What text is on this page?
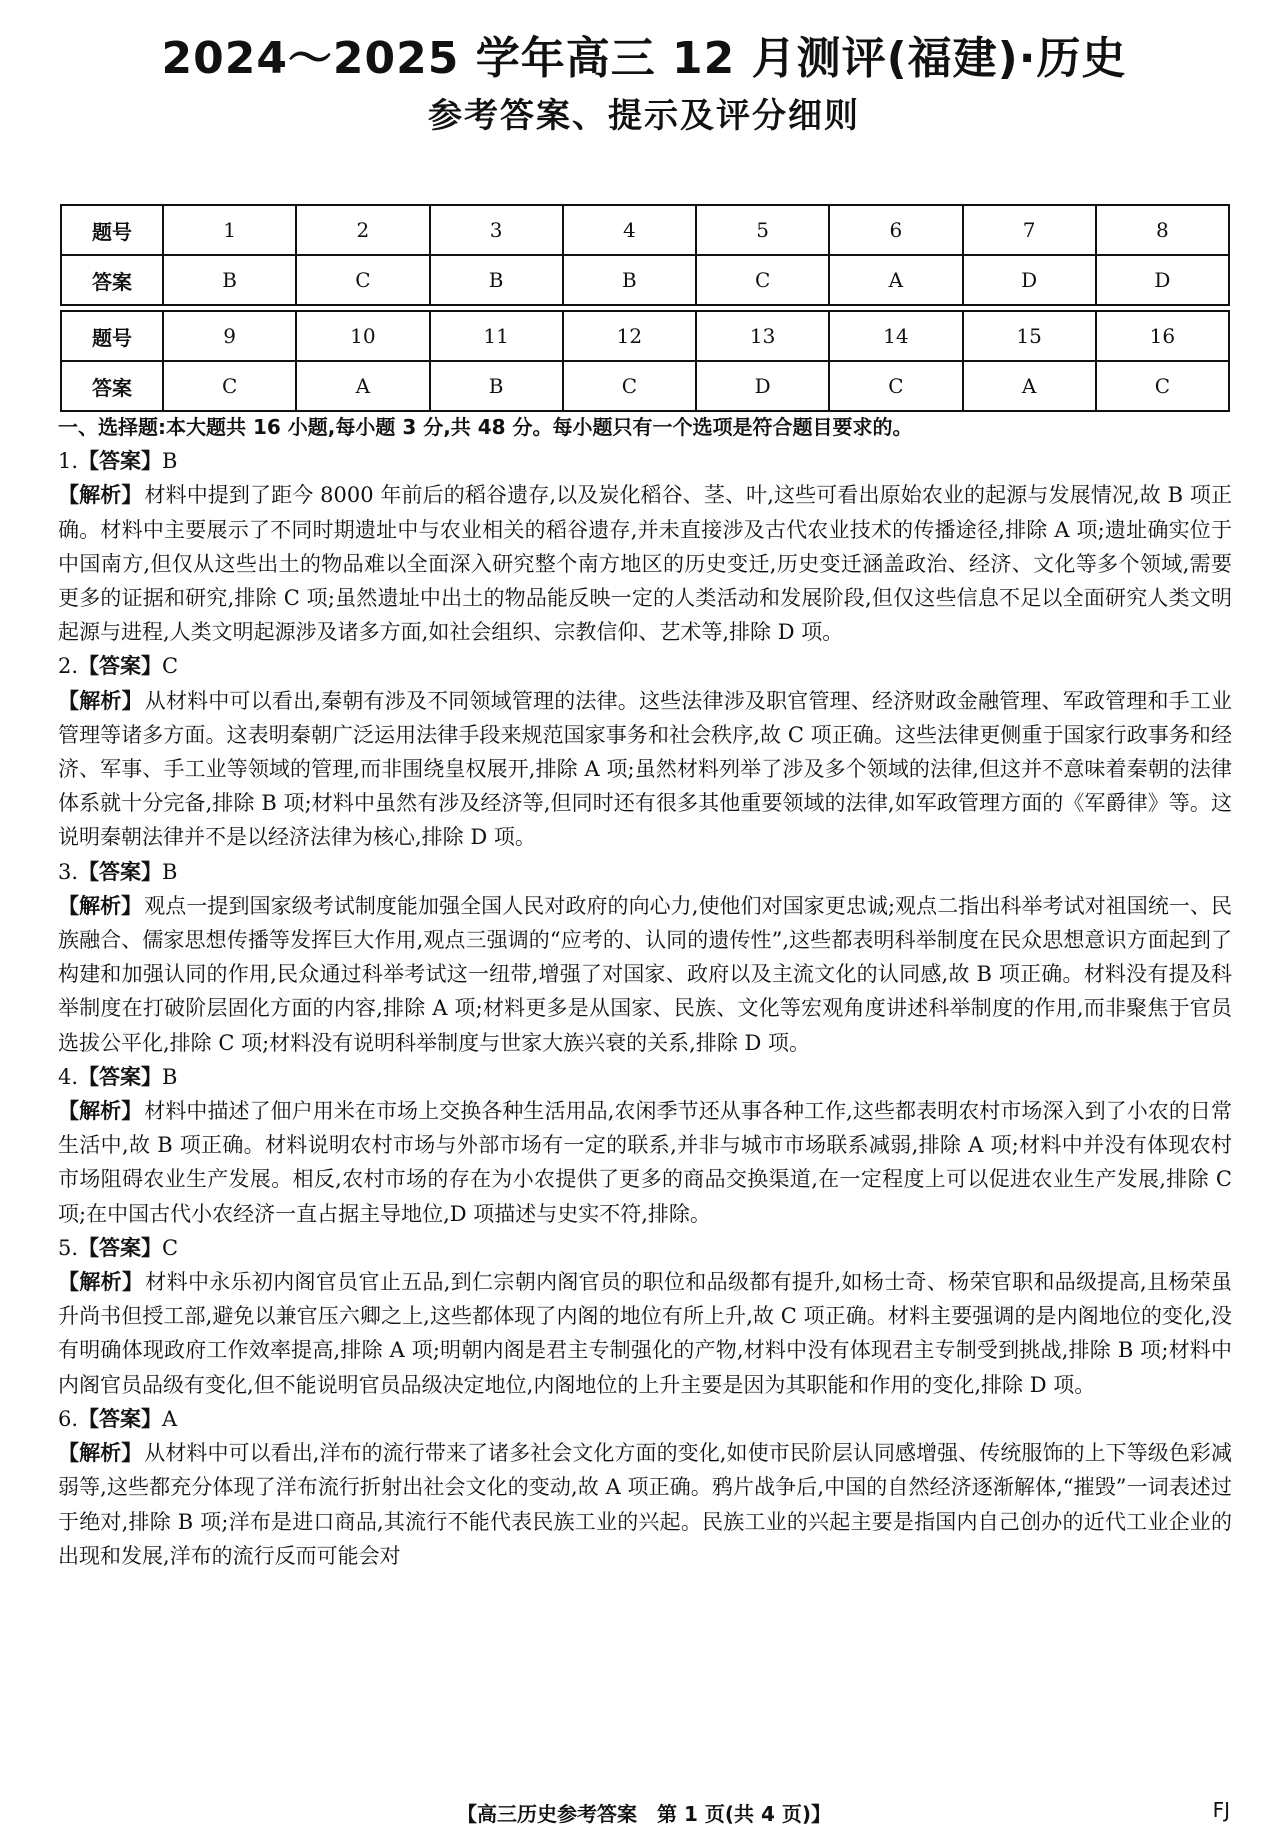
2024～2025 学年高三 12 月测评(福建)·历史
参考答案、提示及评分细则
题号	1	2	3	4	5	6	7	8
答案	B	C	B	B	C	A	D	D

题号	9	10	11	12	13	14	15	16
答案	C	A	B	C	D	C	A	C
一、选择题:本大题共 16 小题,每小题 3 分,共 48 分。每小题只有一个选项是符合题目要求的。
1.【答案】B

【解析】材料中提到了距今 8000 年前后的稻谷遗存,以及炭化稻谷、茎、叶,这些可看出原始农业的起源与发展情况,故 B 项正确。材料中主要展示了不同时期遗址中与农业相关的稻谷遗存,并未直接涉及古代农业技术的传播途径,排除 A 项;遗址确实位于中国南方,但仅从这些出土的物品难以全面深入研究整个南方地区的历史变迁,历史变迁涵盖政治、经济、文化等多个领域,需要更多的证据和研究,排除 C 项;虽然遗址中出土的物品能反映一定的人类活动和发展阶段,但仅这些信息不足以全面研究人类文明起源与进程,人类文明起源涉及诸多方面,如社会组织、宗教信仰、艺术等,排除 D 项。

2.【答案】C

【解析】从材料中可以看出,秦朝有涉及不同领域管理的法律。这些法律涉及职官管理、经济财政金融管理、军政管理和手工业管理等诸多方面。这表明秦朝广泛运用法律手段来规范国家事务和社会秩序,故 C 项正确。这些法律更侧重于国家行政事务和经济、军事、手工业等领域的管理,而非围绕皇权展开,排除 A 项;虽然材料列举了涉及多个领域的法律,但这并不意味着秦朝的法律体系就十分完备,排除 B 项;材料中虽然有涉及经济等,但同时还有很多其他重要领域的法律,如军政管理方面的《军爵律》等。这说明秦朝法律并不是以经济法律为核心,排除 D 项。

3.【答案】B

【解析】观点一提到国家级考试制度能加强全国人民对政府的向心力,使他们对国家更忠诚;观点二指出科举考试对祖国统一、民族融合、儒家思想传播等发挥巨大作用,观点三强调的“应考的、认同的遗传性”,这些都表明科举制度在民众思想意识方面起到了构建和加强认同的作用,民众通过科举考试这一纽带,增强了对国家、政府以及主流文化的认同感,故 B 项正确。材料没有提及科举制度在打破阶层固化方面的内容,排除 A 项;材料更多是从国家、民族、文化等宏观角度讲述科举制度的作用,而非聚焦于官员选拔公平化,排除 C 项;材料没有说明科举制度与世家大族兴衰的关系,排除 D 项。

4.【答案】B

【解析】材料中描述了佃户用米在市场上交换各种生活用品,农闲季节还从事各种工作,这些都表明农村市场深入到了小农的日常生活中,故 B 项正确。材料说明农村市场与外部市场有一定的联系,并非与城市市场联系减弱,排除 A 项;材料中并没有体现农村市场阻碍农业生产发展。相反,农村市场的存在为小农提供了更多的商品交换渠道,在一定程度上可以促进农业生产发展,排除 C 项;在中国古代小农经济一直占据主导地位,D 项描述与史实不符,排除。

5.【答案】C

【解析】材料中永乐初内阁官员官止五品,到仁宗朝内阁官员的职位和品级都有提升,如杨士奇、杨荣官职和品级提高,且杨荣虽升尚书但授工部,避免以兼官压六卿之上,这些都体现了内阁的地位有所上升,故 C 项正确。材料主要强调的是内阁地位的变化,没有明确体现政府工作效率提高,排除 A 项;明朝内阁是君主专制强化的产物,材料中没有体现君主专制受到挑战,排除 B 项;材料中内阁官员品级有变化,但不能说明官员品级决定地位,内阁地位的上升主要是因为其职能和作用的变化,排除 D 项。

6.【答案】A

【解析】从材料中可以看出,洋布的流行带来了诸多社会文化方面的变化,如使市民阶层认同感增强、传统服饰的上下等级色彩减弱等,这些都充分体现了洋布流行折射出社会文化的变动,故 A 项正确。鸦片战争后,中国的自然经济逐渐解体,“摧毁”一词表述过于绝对,排除 B 项;洋布是进口商品,其流行不能代表民族工业的兴起。民族工业的兴起主要是指国内自己创办的近代工业企业的出现和发展,洋布的流行反而可能会对

【高三历史参考答案　第 1 页(共 4 页)】	FJ
